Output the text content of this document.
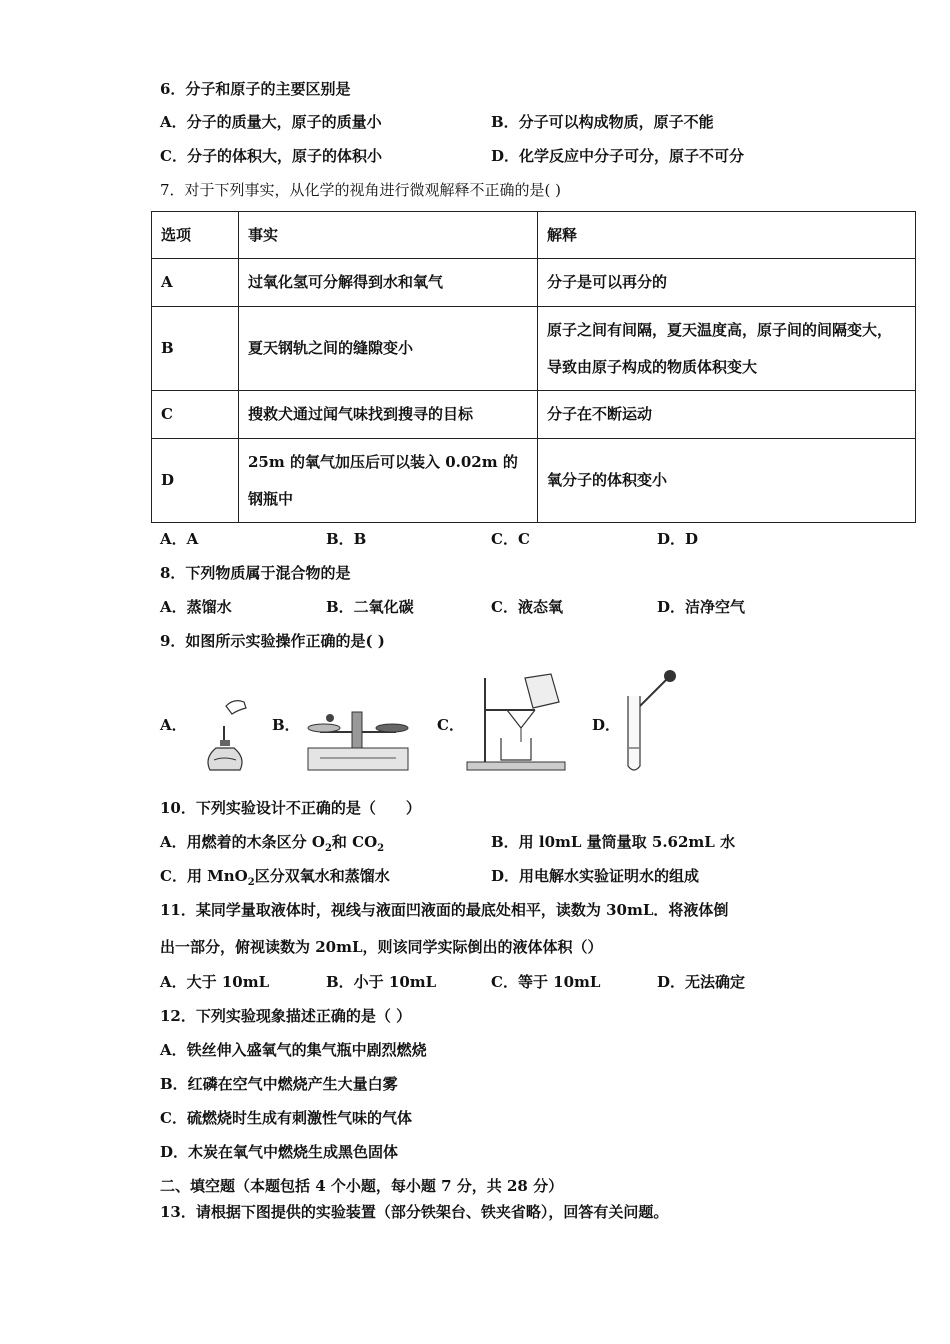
6．分子和原子的主要区别是
A．分子的质量大，原子的质量小	B．分子可以构成物质，原子不能
C．分子的体积大，原子的体积小	D．化学反应中分子可分，原子不可分
7．对于下列事实，从化学的视角进行微观解释不正确的是( )
选项	事实	解释
A	过氧化氢可分解得到水和氧气	分子是可以再分的
B	夏天钢轨之间的缝隙变小	原子之间有间隔，夏天温度高，原子间的间隔变大，导致由原子构成的物质体积变大
C	搜救犬通过闻气味找到搜寻的目标	分子在不断运动
D	25m 的氧气加压后可以装入 0.02m 的钢瓶中	氧分子的体积变小
A．A	B．B	C．C	D．D
8．下列物质属于混合物的是
A．蒸馏水	B．二氧化碳	C．液态氧	D．洁净空气
9．如图所示实验操作正确的是( )
A．	B．	C．	D．
10．下列实验设计不正确的是（　　）
A．用燃着的木条区分 $O_2$和 $CO_2$	B．用 l0mL 量筒量取 5.62mL 水
C．用 MnO$_2$区分双氧水和蒸馏水	D．用电解水实验证明水的组成
11．某同学量取液体时，视线与液面凹液面的最底处相平，读数为 30mL．将液体倒
出一部分，俯视读数为 20mL，则该同学实际倒出的液体体积（）
A．大于 10mL	B．小于 10mL	C．等于 10mL	D．无法确定
12．下列实验现象描述正确的是（ ）
A．铁丝伸入盛氧气的集气瓶中剧烈燃烧
B．红磷在空气中燃烧产生大量白雾
C．硫燃烧时生成有刺激性气味的气体
D．木炭在氧气中燃烧生成黑色固体
二、填空题（本题包括 4 个小题，每小题 7 分，共 28 分）
13．请根据下图提供的实验装置（部分铁架台、铁夹省略），回答有关问题。
